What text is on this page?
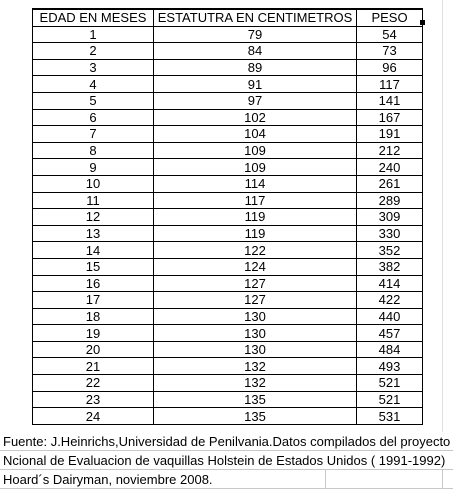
EDAD EN MESES	ESTATUTRA EN CENTIMETROS	PESO
1	79	54
2	84	73
3	89	96
4	91	117
5	97	141
6	102	167
7	104	191
8	109	212
9	109	240
10	114	261
11	117	289
12	119	309
13	119	330
14	122	352
15	124	382
16	127	414
17	127	422
18	130	440
19	130	457
20	130	484
21	132	493
22	132	521
23	135	521
24	135	531
Fuente: J.Heinrichs,Universidad de Penilvania.Datos compilados del proyecto
Ncional de Evaluacion de vaquillas Holstein de Estados Unidos ( 1991-1992)
Hoard´s Dairyman, noviembre 2008.
